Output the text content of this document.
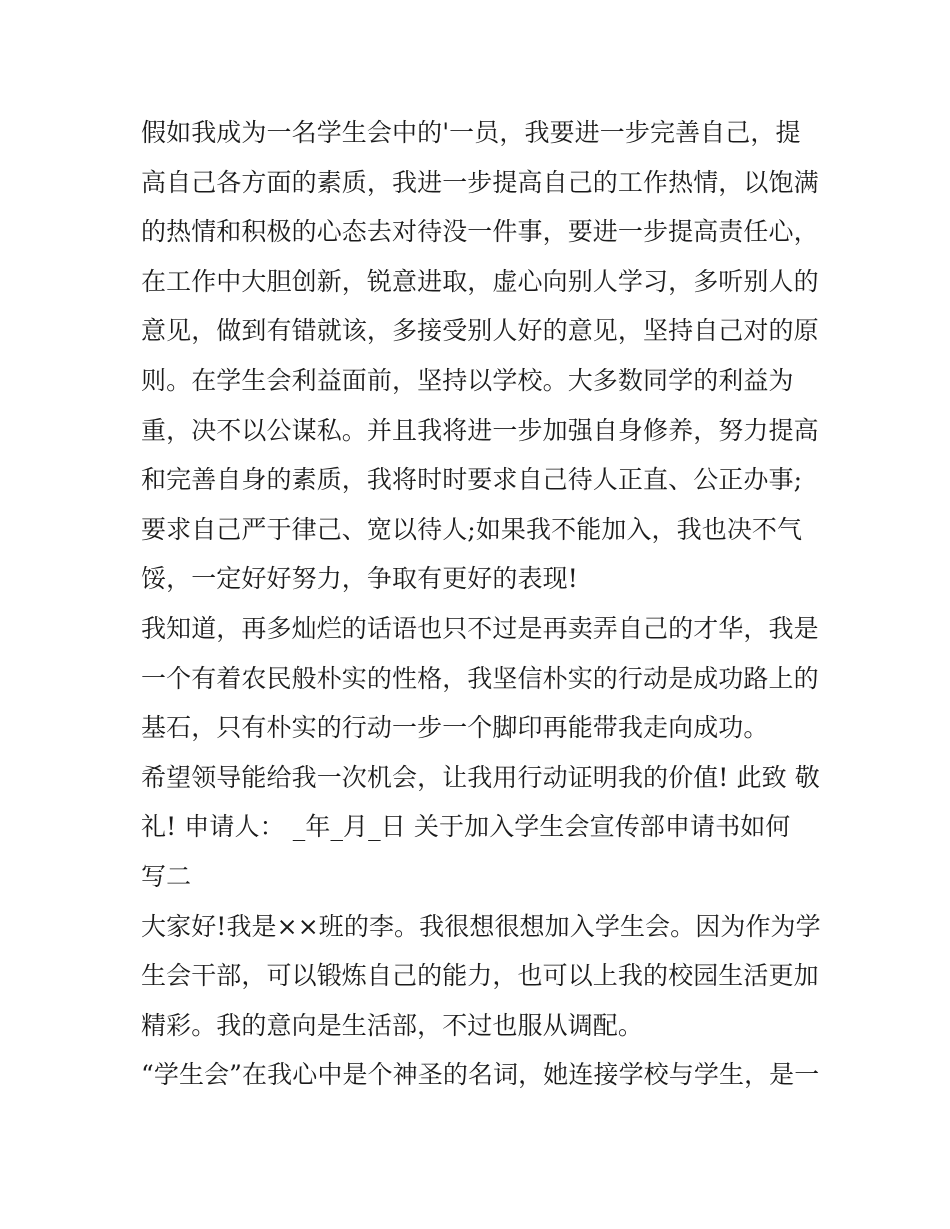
假如我成为一名学生会中的'一员，我要进一步完善自己，提
高自己各方面的素质，我进一步提高自己的工作热情，以饱满
的热情和积极的心态去对待没一件事，要进一步提高责任心，
在工作中大胆创新，锐意进取，虚心向别人学习，多听别人的
意见，做到有错就该，多接受别人好的意见，坚持自己对的原
则。在学生会利益面前，坚持以学校。大多数同学的利益为
重，决不以公谋私。并且我将进一步加强自身修养，努力提高
和完善自身的素质，我将时时要求自己待人正直、公正办事;
要求自己严于律己、宽以待人;如果我不能加入，我也决不气
馁，一定好好努力，争取有更好的表现!
我知道，再多灿烂的话语也只不过是再卖弄自己的才华，我是
一个有着农民般朴实的性格，我坚信朴实的行动是成功路上的
基石，只有朴实的行动一步一个脚印再能带我走向成功。
希望领导能给我一次机会，让我用行动证明我的价值! 此致 敬
礼! 申请人： _年_月_日 关于加入学生会宣传部申请书如何
写二
大家好!我是××班的李。我很想很想加入学生会。因为作为学
生会干部，可以锻炼自己的能力，也可以上我的校园生活更加
精彩。我的意向是生活部，不过也服从调配。
“学生会”在我心中是个神圣的名词，她连接学校与学生，是一
